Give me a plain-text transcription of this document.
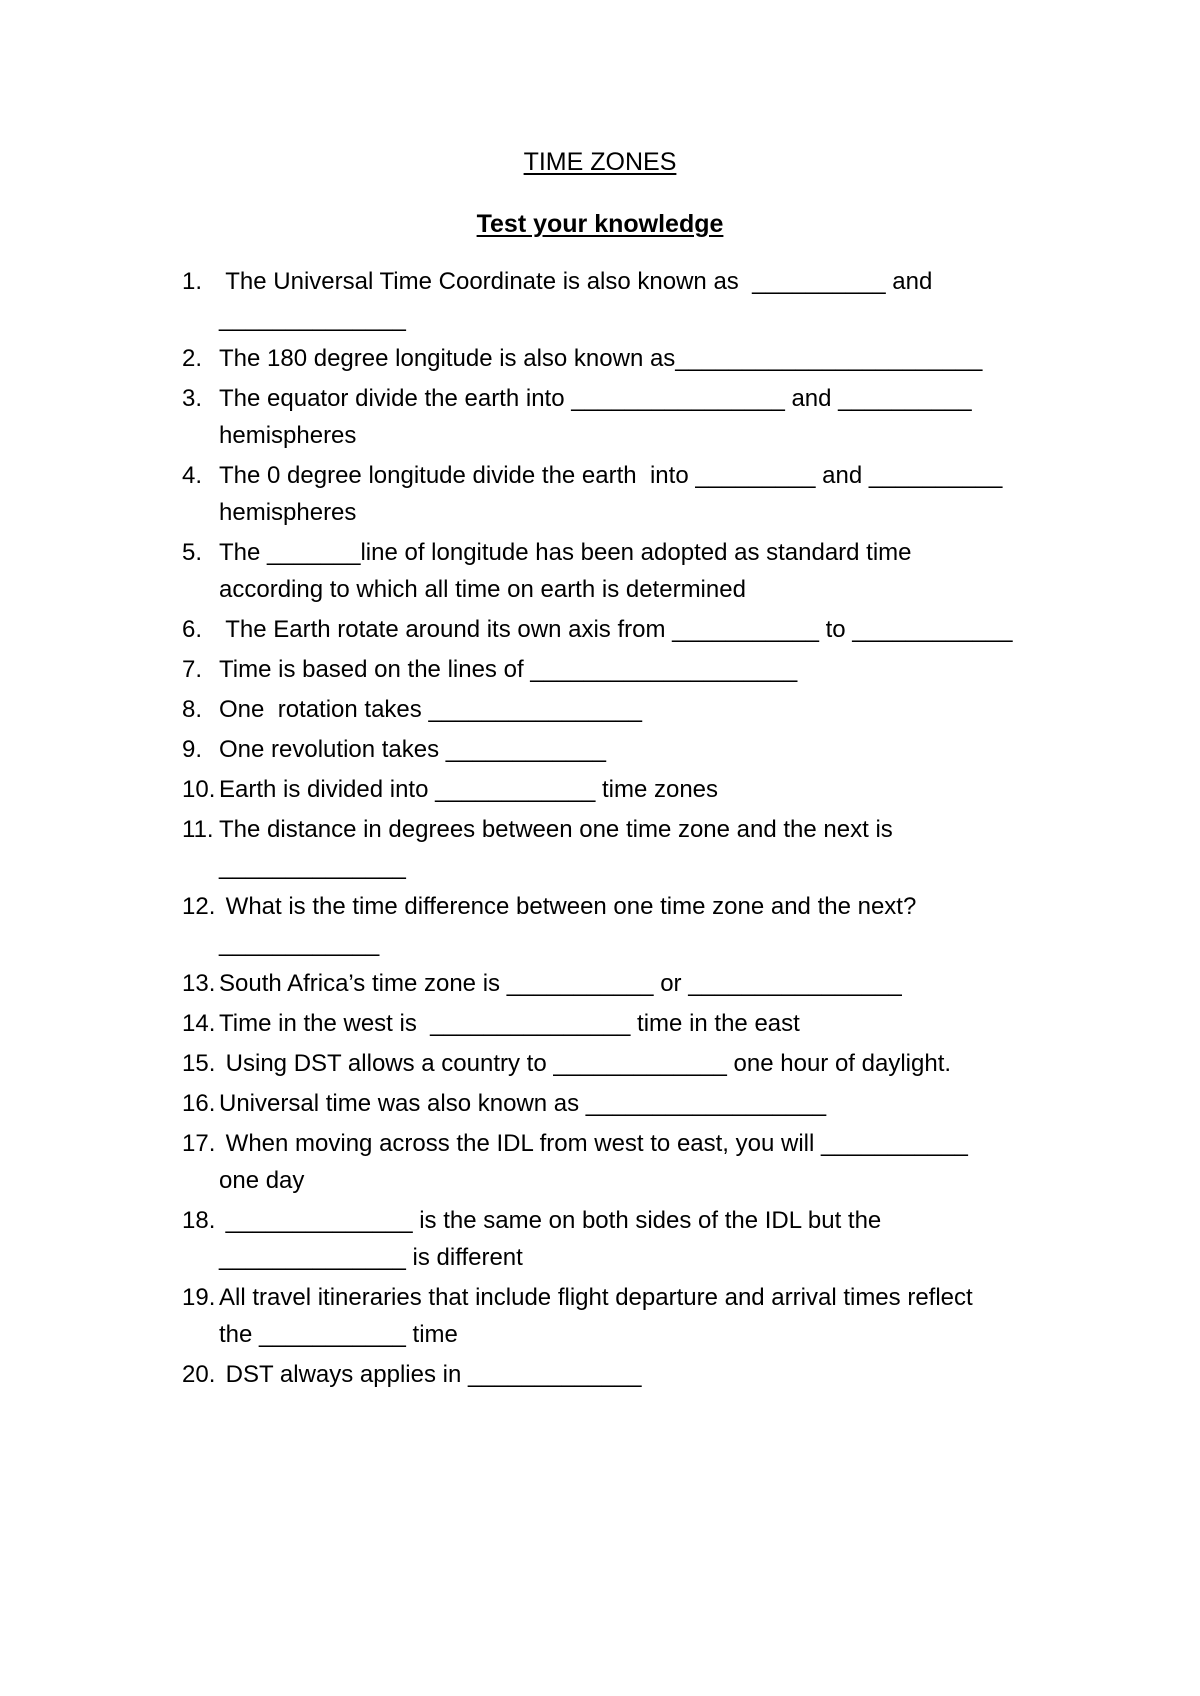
TIME ZONES
Test your knowledge
1. The Universal Time Coordinate is also known as  __________ and
______________
2. The 180 degree longitude is also known as_______________________
3. The equator divide the earth into ________________ and __________
hemispheres
4. The 0 degree longitude divide the earth  into _________ and __________
hemispheres
5. The _______line of longitude has been adopted as standard time
according to which all time on earth is determined
6. The Earth rotate around its own axis from ___________ to ____________
7. Time is based on the lines of ____________________
8. One  rotation takes ________________
9. One revolution takes ____________
10. Earth is divided into ____________ time zones
11. The distance in degrees between one time zone and the next is
______________
12. What is the time difference between one time zone and the next?
____________
13. South Africa’s time zone is ___________ or ________________
14. Time in the west is  _______________ time in the east
15. Using DST allows a country to _____________ one hour of daylight.
16. Universal time was also known as __________________
17. When moving across the IDL from west to east, you will ___________
one day
18. ______________ is the same on both sides of the IDL but the
______________ is different
19. All travel itineraries that include flight departure and arrival times reflect
the ___________ time
20. DST always applies in _____________
